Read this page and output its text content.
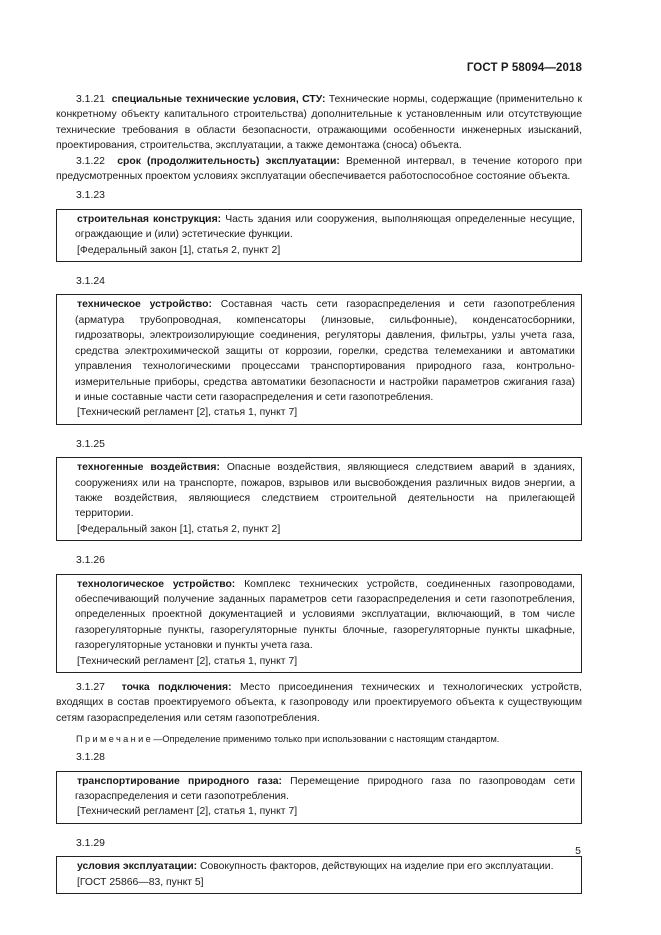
ГОСТ Р 58094—2018

3.1.21 специальные технические условия, СТУ: Технические нормы, содержащие (применительно к конкретному объекту капитального строительства) дополнительные к установленным или отсутствующие технические требования в области безопасности, отражающими особенности инженерных изысканий, проектирования, строительства, эксплуатации, а также демонтажа (сноса) объекта.

3.1.22 срок (продолжительность) эксплуатации: Временной интервал, в течение которого при предусмотренных проектом условиях эксплуатации обеспечивается работоспособное состояние объекта.

3.1.23

строительная конструкция: Часть здания или сооружения, выполняющая определенные несущие, ограждающие и (или) эстетические функции.

[Федеральный закон [1], статья 2, пункт 2]

3.1.24

техническое устройство: Составная часть сети газораспределения и сети газопотребления (арматура трубопроводная, компенсаторы (линзовые, сильфонные), конденсатосборники, гидрозатворы, электроизолирующие соединения, регуляторы давления, фильтры, узлы учета газа, средства электрохимической защиты от коррозии, горелки, средства телемеханики и автоматики управления технологическими процессами транспортирования природного газа, контрольно-измерительные приборы, средства автоматики безопасности и настройки параметров сжигания газа) и иные составные части сети газораспределения и сети газопотребления.

[Технический регламент [2], статья 1, пункт 7]

3.1.25

техногенные воздействия: Опасные воздействия, являющиеся следствием аварий в зданиях, сооружениях или на транспорте, пожаров, взрывов или высвобождения различных видов энергии, а также воздействия, являющиеся следствием строительной деятельности на прилегающей территории.

[Федеральный закон [1], статья 2, пункт 2]

3.1.26

технологическое устройство: Комплекс технических устройств, соединенных газопроводами, обеспечивающий получение заданных параметров сети газораспределения и сети газопотребления, определенных проектной документацией и условиями эксплуатации, включающий, в том числе газорегуляторные пункты, газорегуляторные пункты блочные, газорегуляторные пункты шкафные, газорегуляторные установки и пункты учета газа.

[Технический регламент [2], статья 1, пункт 7]

3.1.27 точка подключения: Место присоединения технических и технологических устройств, входящих в состав проектируемого объекта, к газопроводу или проектируемого объекта к существующим сетям газораспределения или сетям газопотребления.

Примечание—Определение применимо только при использовании с настоящим стандартом.

3.1.28

транспортирование природного газа: Перемещение природного газа по газопроводам сети газораспределения и сети газопотребления.

[Технический регламент [2], статья 1, пункт 7]

3.1.29

условия эксплуатации: Совокупность факторов, действующих на изделие при его эксплуатации.

[ГОСТ 25866—83, пункт 5]

5
